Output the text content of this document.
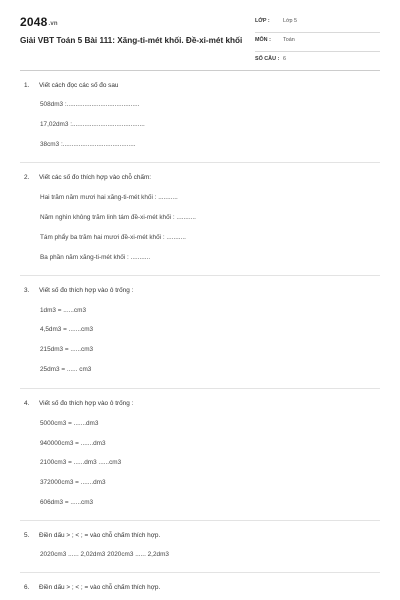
2048.vn
Giải VBT Toán 5 Bài 111: Xăng-ti-mét khối. Đề-xi-mét khối
LỚP : Lớp 5
MÔN : Toán
SỐ CÂU : 6
1. Viết cách đọc các số đo sau
508dm3 :.........................................
17,02dm3 :.........................................
38cm3 :.........................................
2. Viết các số đo thích hợp vào chỗ chấm:
Hai trăm năm mươi hai xăng-ti-mét khối : ...........
Năm nghìn không trăm linh tám đề-xi-mét khối : ...........
Tám phẩy ba trăm hai mươi đề-xi-mét khối : ...........
Ba phần năm xăng-ti-mét khối : ...........
3. Viết số đo thích hợp vào ô trống :
1dm3 = ......cm3
4,5dm3 = .......cm3
215dm3 = ......cm3
25dm3 = ...... cm3
4. Viết số đo thích hợp vào ô trống :
5000cm3 = .......dm3
940000cm3 = .......dm3
2100cm3 = ......dm3 ......cm3
372000cm3 = .......dm3
606dm3 = ......cm3
5. Điền dấu > ; < ; = vào chỗ chấm thích hợp.
2020cm3 ...... 2,02dm3 2020cm3 ...... 2,2dm3
6. Điền dấu > ; < ; = vào chỗ chấm thích hợp.
